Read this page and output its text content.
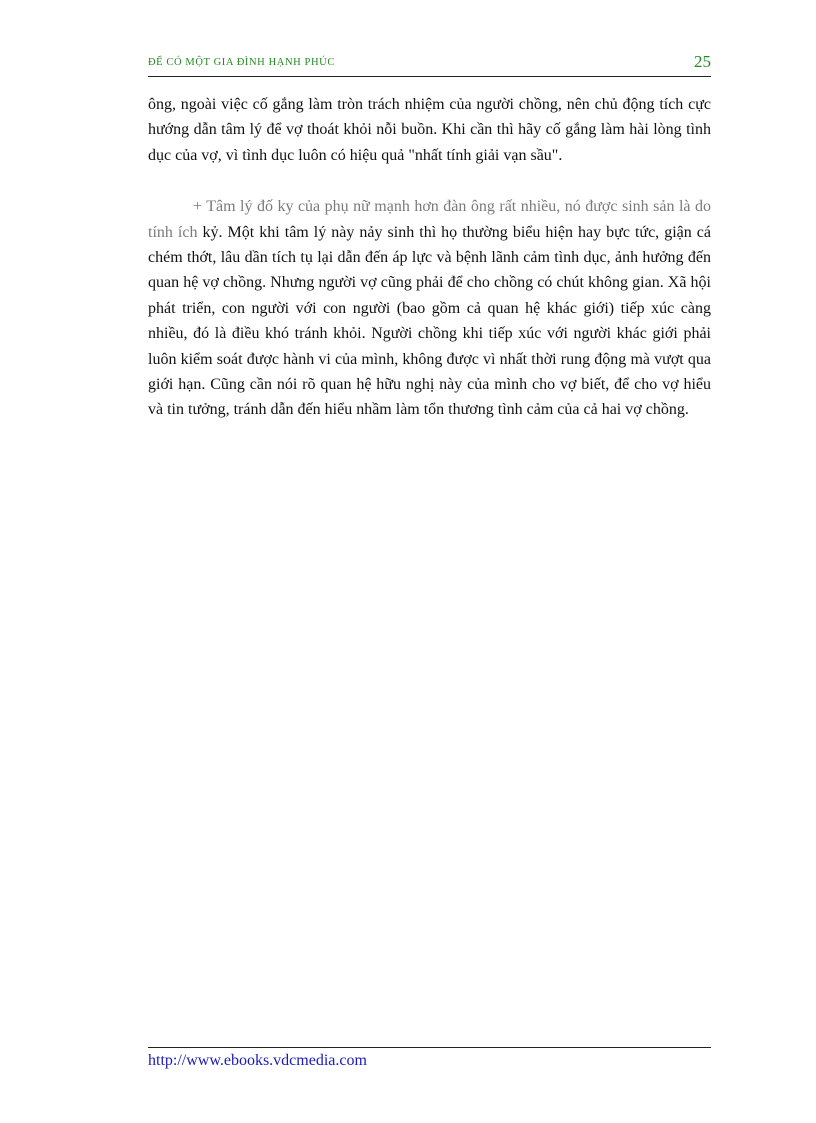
ĐỂ CÓ MỘT GIA ĐÌNH HẠNH PHÚC	25

ông, ngoài việc cố gắng làm tròn trách nhiệm của người chồng, nên chủ động tích cực hướng dẫn tâm lý để vợ thoát khỏi nỗi buồn. Khi cần thì hãy cố gắng làm hài lòng tình dục của vợ, vì tình dục luôn có hiệu quả "nhất tính giải vạn sầu".

+ Tâm lý đố ky của phụ nữ mạnh hơn đàn ông rất nhiều, nó được sinh sản là do tính ích kỷ. Một khi tâm lý này nảy sinh thì họ thường biểu hiện hay bực tức, giận cá chém thớt, lâu dần tích tụ lại dẫn đến áp lực và bệnh lãnh cảm tình dục, ảnh hưởng đến quan hệ vợ chồng. Nhưng người vợ cũng phải để cho chồng có chút không gian. Xã hội phát triển, con người với con người (bao gồm cả quan hệ khác giới) tiếp xúc càng nhiều, đó là điều khó tránh khỏi. Người chồng khi tiếp xúc với người khác giới phải luôn kiểm soát được hành vi của mình, không được vì nhất thời rung động mà vượt qua giới hạn. Cũng cần nói rõ quan hệ hữu nghị này của mình cho vợ biết, để cho vợ hiểu và tin tưởng, tránh dẫn đến hiểu nhầm làm tổn thương tình cảm của cả hai vợ chồng.

http://www.ebooks.vdcmedia.com
